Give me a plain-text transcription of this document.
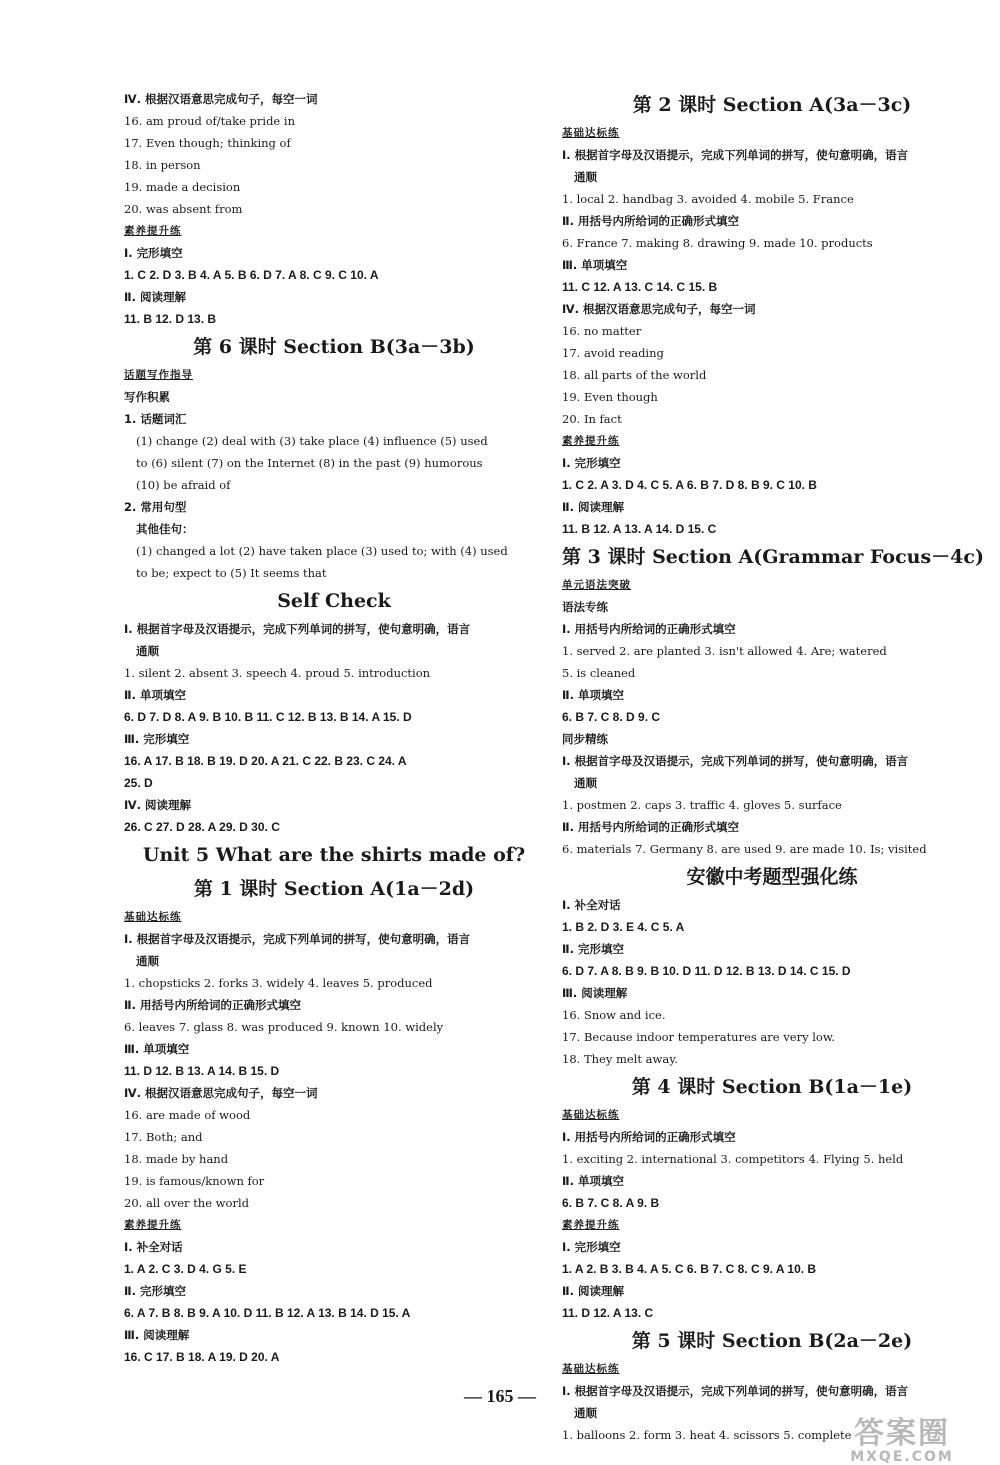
Ⅳ. 根据汉语意思完成句子，每空一词
16. am proud of/take pride in
17. Even though; thinking of
18. in person
19. made a decision
20. was absent from
素养提升练
Ⅰ. 完形填空
1. C 2. D 3. B 4. A 5. B 6. D 7. A 8. C 9. C 10. A
Ⅱ. 阅读理解
11. B 12. D 13. B
第 6 课时 Section B(3a－3b)
话题写作指导
写作积累
1. 话题词汇
(1) change (2) deal with (3) take place (4) influence (5) used
to (6) silent (7) on the Internet (8) in the past (9) humorous
(10) be afraid of
2. 常用句型
其他佳句：
(1) changed a lot (2) have taken place (3) used to; with (4) used
to be; expect to (5) It seems that
Self Check
Ⅰ. 根据首字母及汉语提示，完成下列单词的拼写，使句意明确，语言
通顺
1. silent 2. absent 3. speech 4. proud 5. introduction
Ⅱ. 单项填空
6. D 7. D 8. A 9. B 10. B 11. C 12. B 13. B 14. A 15. D
Ⅲ. 完形填空
16. A 17. B 18. B 19. D 20. A 21. C 22. B 23. C 24. A
25. D
Ⅳ. 阅读理解
26. C 27. D 28. A 29. D 30. C
Unit 5 What are the shirts made of?
第 1 课时 Section A(1a－2d)
基础达标练
Ⅰ. 根据首字母及汉语提示，完成下列单词的拼写，使句意明确，语言
通顺
1. chopsticks 2. forks 3. widely 4. leaves 5. produced
Ⅱ. 用括号内所给词的正确形式填空
6. leaves 7. glass 8. was produced 9. known 10. widely
Ⅲ. 单项填空
11. D 12. B 13. A 14. B 15. D
Ⅳ. 根据汉语意思完成句子，每空一词
16. are made of wood
17. Both; and
18. made by hand
19. is famous/known for
20. all over the world
素养提升练
Ⅰ. 补全对话
1. A 2. C 3. D 4. G 5. E
Ⅱ. 完形填空
6. A 7. B 8. B 9. A 10. D 11. B 12. A 13. B 14. D 15. A
Ⅲ. 阅读理解
16. C 17. B 18. A 19. D 20. A
第 2 课时 Section A(3a－3c)
基础达标练
Ⅰ. 根据首字母及汉语提示，完成下列单词的拼写，使句意明确，语言
通顺
1. local 2. handbag 3. avoided 4. mobile 5. France
Ⅱ. 用括号内所给词的正确形式填空
6. France 7. making 8. drawing 9. made 10. products
Ⅲ. 单项填空
11. C 12. A 13. C 14. C 15. B
Ⅳ. 根据汉语意思完成句子，每空一词
16. no matter
17. avoid reading
18. all parts of the world
19. Even though
20. In fact
素养提升练
Ⅰ. 完形填空
1. C 2. A 3. D 4. C 5. A 6. B 7. D 8. B 9. C 10. B
Ⅱ. 阅读理解
11. B 12. A 13. A 14. D 15. C
第 3 课时 Section A(Grammar Focus－4c)
单元语法突破
语法专练
Ⅰ. 用括号内所给词的正确形式填空
1. served 2. are planted 3. isn't allowed 4. Are; watered
5. is cleaned
Ⅱ. 单项填空
6. B 7. C 8. D 9. C
同步精练
Ⅰ. 根据首字母及汉语提示，完成下列单词的拼写，使句意明确，语言
通顺
1. postmen 2. caps 3. traffic 4. gloves 5. surface
Ⅱ. 用括号内所给词的正确形式填空
6. materials 7. Germany 8. are used 9. are made 10. Is; visited
安徽中考题型强化练
Ⅰ. 补全对话
1. B 2. D 3. E 4. C 5. A
Ⅱ. 完形填空
6. D 7. A 8. B 9. B 10. D 11. D 12. B 13. D 14. C 15. D
Ⅲ. 阅读理解
16. Snow and ice.
17. Because indoor temperatures are very low.
18. They melt away.
第 4 课时 Section B(1a－1e)
基础达标练
Ⅰ. 用括号内所给词的正确形式填空
1. exciting 2. international 3. competitors 4. Flying 5. held
Ⅱ. 单项填空
6. B 7. C 8. A 9. B
素养提升练
Ⅰ. 完形填空
1. A 2. B 3. B 4. A 5. C 6. B 7. C 8. C 9. A 10. B
Ⅱ. 阅读理解
11. D 12. A 13. C
第 5 课时 Section B(2a－2e)
基础达标练
Ⅰ. 根据首字母及汉语提示，完成下列单词的拼写，使句意明确，语言
通顺
1. balloons 2. form 3. heat 4. scissors 5. complete
— 165 —
答案圈
MXQE.COM
